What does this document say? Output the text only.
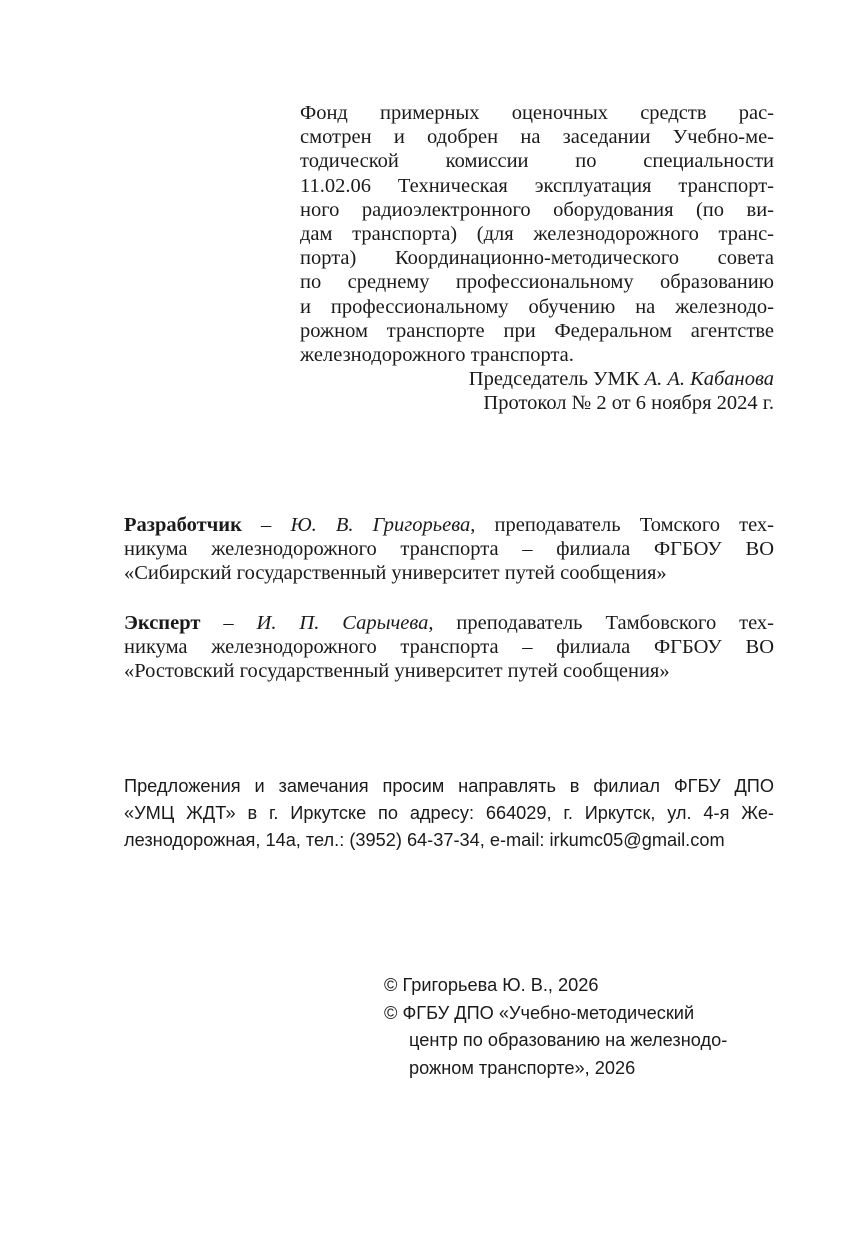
Фонд примерных оценочных средств рас-
смотрен и одобрен на заседании Учебно-ме-
тодической комиссии по специальности
11.02.06 Техническая эксплуатация транспорт-
ного радиоэлектронного оборудования (по ви-
дам транспорта) (для железнодорожного транс-
порта) Координационно-методического совета
по среднему профессиональному образованию
и профессиональному обучению на железнодо-
рожном транспорте при Федеральном агентстве
железнодорожного транспорта.
Председатель УМК А. А. Кабанова
Протокол № 2 от 6 ноября 2024 г.
Разработчик – Ю. В. Григорьева, преподаватель Томского тех-
никума железнодорожного транспорта – филиала ФГБОУ ВО
«Сибирский государственный университет путей сообщения»
Эксперт – И. П. Сарычева, преподаватель Тамбовского тех-
никума железнодорожного транспорта – филиала ФГБОУ ВО
«Ростовский государственный университет путей сообщения»
Предложения и замечания просим направлять в филиал ФГБУ ДПО
«УМЦ ЖДТ» в г. Иркутске по адресу: 664029, г. Иркутск, ул. 4-я Же-
лезнодорожная, 14а, тел.: (3952) 64-37-34, e-mail: irkumc05@gmail.com
© Григорьева Ю. В., 2026
© ФГБУ ДПО «Учебно-методический
центр по образованию на железнодо-
рожном транспорте», 2026
